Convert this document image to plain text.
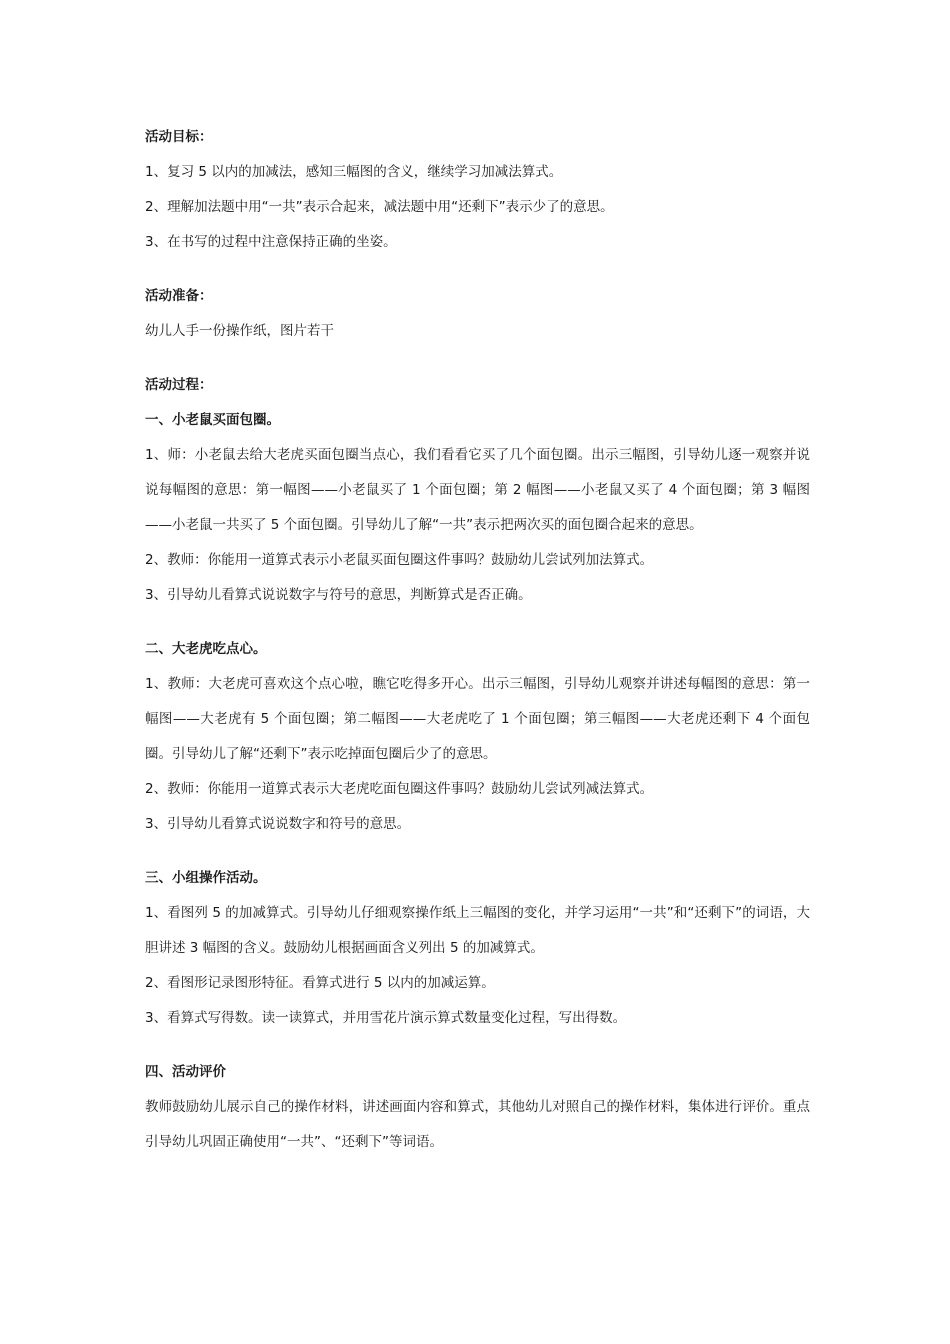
活动目标：
1、复习 5 以内的加减法，感知三幅图的含义，继续学习加减法算式。
2、理解加法题中用“一共”表示合起来，减法题中用“还剩下”表示少了的意思。
3、在书写的过程中注意保持正确的坐姿。
活动准备：
幼儿人手一份操作纸，图片若干
活动过程：
一、小老鼠买面包圈。
1、师：小老鼠去给大老虎买面包圈当点心，我们看看它买了几个面包圈。出示三幅图，引导幼儿逐一观察并说说每幅图的意思：第一幅图——小老鼠买了 1 个面包圈；第 2 幅图——小老鼠又买了 4 个面包圈；第 3 幅图——小老鼠一共买了 5 个面包圈。引导幼儿了解“一共”表示把两次买的面包圈合起来的意思。
2、教师：你能用一道算式表示小老鼠买面包圈这件事吗？鼓励幼儿尝试列加法算式。
3、引导幼儿看算式说说数字与符号的意思，判断算式是否正确。
二、大老虎吃点心。
1、教师：大老虎可喜欢这个点心啦，瞧它吃得多开心。出示三幅图，引导幼儿观察并讲述每幅图的意思：第一幅图——大老虎有 5 个面包圈；第二幅图——大老虎吃了 1 个面包圈；第三幅图——大老虎还剩下 4 个面包圈。引导幼儿了解“还剩下”表示吃掉面包圈后少了的意思。
2、教师：你能用一道算式表示大老虎吃面包圈这件事吗？鼓励幼儿尝试列减法算式。
3、引导幼儿看算式说说数字和符号的意思。
三、小组操作活动。
1、看图列 5 的加减算式。引导幼儿仔细观察操作纸上三幅图的变化，并学习运用“一共”和“还剩下”的词语，大胆讲述 3 幅图的含义。鼓励幼儿根据画面含义列出 5 的加减算式。
2、看图形记录图形特征。看算式进行 5 以内的加减运算。
3、看算式写得数。读一读算式，并用雪花片演示算式数量变化过程，写出得数。
四、活动评价
教师鼓励幼儿展示自己的操作材料，讲述画面内容和算式，其他幼儿对照自己的操作材料，集体进行评价。重点引导幼儿巩固正确使用“一共”、“还剩下”等词语。
